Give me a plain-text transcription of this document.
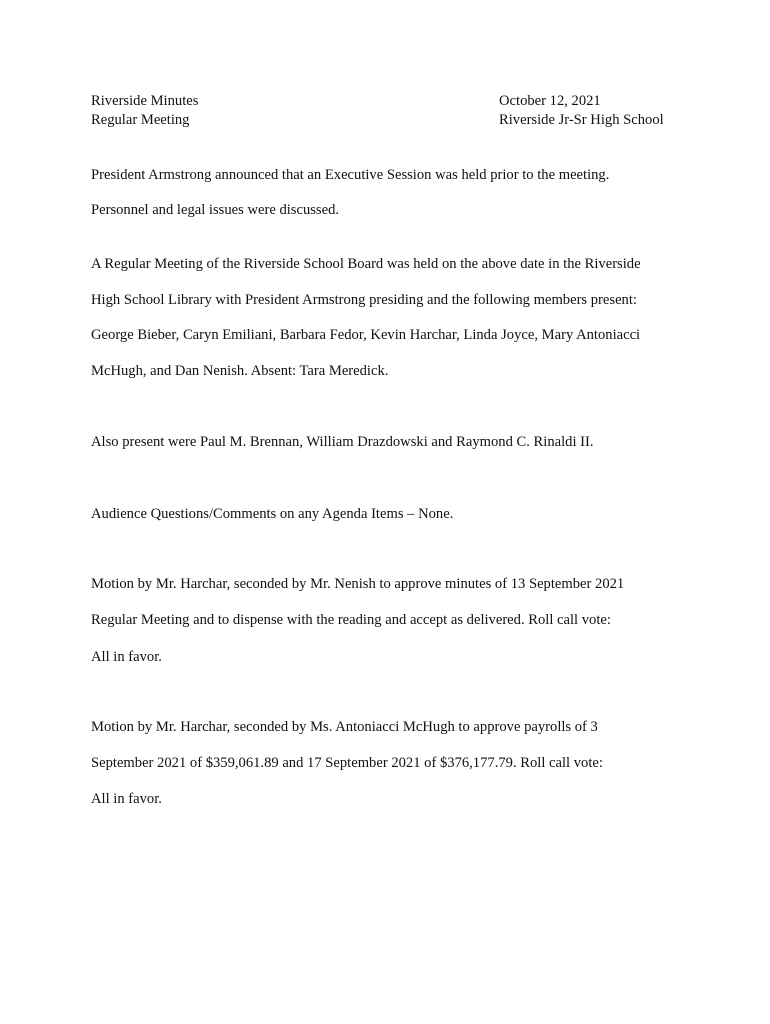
Riverside Minutes
Regular Meeting
October 12, 2021
Riverside Jr-Sr High School
President Armstrong announced that an Executive Session was held prior to the meeting.
Personnel and legal issues were discussed.
A Regular Meeting of the Riverside School Board was held on the above date in the Riverside
High School Library with President Armstrong presiding and the following members present:
George Bieber, Caryn Emiliani, Barbara Fedor, Kevin Harchar, Linda Joyce, Mary Antoniacci
McHugh, and Dan Nenish. Absent: Tara Meredick.
Also present were Paul M. Brennan, William Drazdowski and Raymond C. Rinaldi II.
Audience Questions/Comments on any Agenda Items – None.
Motion by Mr. Harchar, seconded by Mr. Nenish to approve minutes of 13 September 2021
Regular Meeting and to dispense with the reading and accept as delivered. Roll call vote:
All in favor.
Motion by Mr. Harchar, seconded by Ms. Antoniacci McHugh to approve payrolls of 3
September 2021 of $359,061.89 and 17 September 2021 of $376,177.79. Roll call vote:
All in favor.
